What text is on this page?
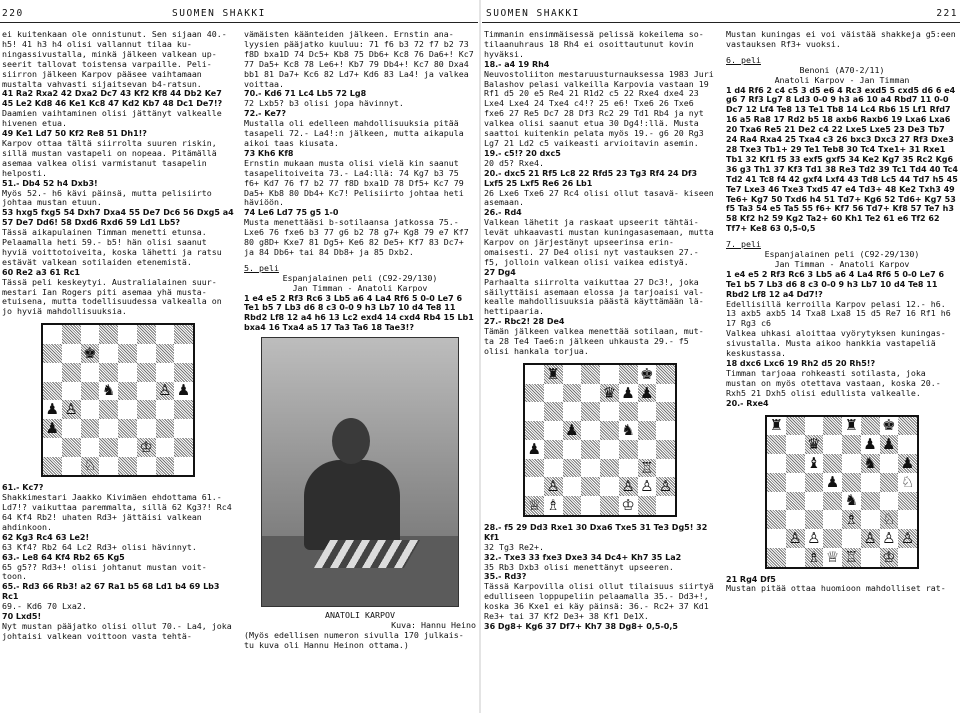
220	SUOMEN SHAKKI

ei kuitenkaan ole onnistunut. Sen sijaan 40.- h5! 41 h3 h4 olisi vallannut tilaa ku- ningassivustalla, minkä jälkeen valkean up- seerit tallovat toistensa varpaille. Peli- siirron jälkeen Karpov pääsee vaihtamaan mustalta vahvasti sijaitsevan b4-ratsun.

41 Ra2 Rxa2 42 Dxa2 Dc7 43 Kf2 Kf8 44 Db2 Ke7 45 Le2 Kd8 46 Ke1 Kc8 47 Kd2 Kb7 48 Dc1 De7!?

Daamien vaihtaminen olisi jättänyt valkealle hivenen etua.

49 Ke1 Ld7 50 Kf2 Re8 51 Dh1!?

Karpov ottaa tältä siirrolta suuren riskin, sillä mustan vastapeli on nopeaa. Pitämällä asemaa valkea olisi varmistanut tasapelin helposti.

51.- Db4 52 h4 Dxb3!

Myös 52.- h6 kävi päinsä, mutta pelisiirto johtaa mustan etuun.

53 hxg5 fxg5 54 Dxh7 Dxa4 55 De7 Dc6 56 Dxg5 a4 57 De7 Dd6! 58 Dxd6 Rxd6 59 Ld1 Lb5?

Tässä aikapulainen Timman menetti etunsa. Pelaamalla heti 59.- b5! hän olisi saanut hyviä voittotoiveita, koska lähetti ja ratsu estävät valkean sotilaiden etenemistä.

60 Re2 a3 61 Rc1

Tässä peli keskeytyi. Australialainen suur- mestari Ian Rogers piti asemaa yhä musta- etuisena, mutta todellisuudessa valkealla on jo hyviä mahdollisuuksia.

♚
♞	♙ ♟
♟ ♙
♟
♔
♘

61.- Kc7?

Shakkimestari Jaakko Kivimäen ehdottama 61.- Ld7!? vaikuttaa paremmalta, sillä 62 Kg3?! Rc4 64 Kf4 Rb2! uhaten Rd3+ jättäisi valkean ahdinkoon.

62 Kg3 Rc4 63 Le2!

63 Kf4? Rb2 64 Lc2 Rd3+ olisi hävinnyt.

63.- Le8 64 Kf4 Rb2 65 Kg5

65 g5?? Rd3+! olisi johtanut mustan voit- toon.

65.- Rd3 66 Rb3! a2 67 Ra1 b5 68 Ld1 b4 69 Lb3 Rc1

69.- Kd6 70 Lxa2.

70 Lxd5!

Nyt mustan pääjatko olisi ollut 70.- La4, joka johtaisi valkean voittoon vasta tehtä-

vämäisten käänteiden jälkeen. Ernstin ana- lyysien pääjatko kuuluu: 71 f6 b3 72 f7 b2 73 f8D bxa1D 74 Dc5+ Kb8 75 Db6+ Kc8 76 Da6+! Kc7 77 Da5+ Kc8 78 Le6+! Kb7 79 Db4+! Kc7 80 Dxa4 bb1 81 Da7+ Kc6 82 Ld7+ Kd6 83 La4! ja valkea voittaa.

70.- Kd6 71 Lc4 Lb5 72 Lg8

72 Lxb5? b3 olisi jopa hävinnyt.

72.- Ke7?

Mustalla oli edelleen mahdollisuuksia pitää tasapeli 72.- La4!:n jälkeen, mutta aikapula aikoi taas kiusata.

73 Kh6 Kf8

Ernstin mukaan musta olisi vielä kin saanut tasapelitoiveita 73.- La4:llä: 74 Kg7 b3 75 f6+ Kd7 76 f7 b2 77 f8D bxa1D 78 Df5+ Kc7 79 Da5+ Kb8 80 Db4+ Kc7! Pelisiirto johtaa heti häviöön.

74 Le6 Ld7 75 g5 1-0

Musta menettääsi b-sotilaansa jatkossa 75.- Lxe6 76 fxe6 b3 77 g6 b2 78 g7+ Kg8 79 e7 Kf7 80 g8D+ Kxe7 81 Dg5+ Ke6 82 De5+ Kf7 83 Dc7+ ja 84 Db6+ tai 84 Db8+ ja 85 Dxb2.

5. peli

Espanjalainen peli (C92-29/130)

Jan Timman - Anatoli Karpov

1 e4 e5 2 Rf3 Rc6 3 Lb5 a6 4 La4 Rf6 5 0-0 Le7 6 Te1 b5 7 Lb3 d6 8 c3 0-0 9 h3 Lb7 10 d4 Te8 11 Rbd2 Lf8 12 a4 h6 13 Lc2 exd4 14 cxd4 Rb4 15 Lb1 bxa4 16 Txa4 a5 17 Ta3 Ta6 18 Tae3!?

ANATOLI KARPOV

Kuva: Hannu Heino

(Myös edellisen numeron sivulla 170 julkais-

tu kuva oli Hannu Heinon ottama.)

SUOMEN SHAKKI	221

Timmanin ensimmäisessä pelissä kokeilema so- tilaanuhraus 18 Rh4 ei osoittautunut kovin hyväksi.

18.- a4 19 Rh4

Neuvostoliiton mestaruusturnauksessa 1983 Juri Balashov pelasi valkeilla Karpovia vastaan 19 Rf1 d5 20 e5 Re4 21 R1d2 c5 22 Rxe4 dxe4 23 Lxe4 Lxe4 24 Txe4 c4!? 25 e6! Txe6 26 Txe6 fxe6 27 Re5 Dc7 28 Df3 Rc2 29 Td1 Rb4 ja nyt valkea olisi saanut etua 30 Dg4!:llä. Musta saattoi kuitenkin pelata myös 19.- g6 20 Rg3 Lg7 21 Ld2 c5 vaikeasti arvioitavin asemin.

19.- c5!? 20 dxc5

20 d5? Rxe4.

20.- dxc5 21 Rf5 Lc8 22 Rfd5 23 Tg3 Rf4 24 Df3 Lxf5 25 Lxf5 Re6 26 Lb1

26 Lxe6 Txe6 27 Rc4 olisi ollut tasavä- kiseen asemaan.

26.- Rd4

Valkean lähetit ja raskaat upseerit tähtäi- levät uhkaavasti mustan kuningasasemaan, mutta Karpov on järjestänyt upseerinsa erin- omaisesti. 27 De4 olisi nyt vastauksen 27.- f5, jolloin valkean olisi vaikea edistyä.

27 Dg4

Parhaalta siirrolta vaikuttaa 27 Dc3!, joka säilyttäisi asemaan elossa ja tarjoaisi val- kealle mahdollisuuksia päästä käyttämään lä- hettipaaria.

27.- Rbc2! 28 De4

Tämän jälkeen valkea menettää sotilaan, mut- ta 28 Te4 Tae6:n jälkeen uhkausta 29.- f5 olisi hankala torjua.

♜	♚
♛ ♟ ♟
♟	♞
♟
♖
♙	♙ ♙ ♙
♕ ♗	♔

28.- f5 29 Dd3 Rxe1 30 Dxa6 Txe5 31 Te3 Dg5! 32 Kf1

32 Tg3 Re2+.

32.- Txe3 33 fxe3 Dxe3 34 Dc4+ Kh7 35 La2

35 Rb3 Dxb3 olisi menettänyt upseeren.

35.- Rd3?

Tässä Karpovilla olisi ollut tilaisuus siirtyä edulliseen loppupeliin pelaamalla 35.- Dd3+!, koska 36 Kxe1 ei käy päinsä: 36.- Rc2+ 37 Kd1 Re3+ tai 37 Kf2 De3+ 38 Kf1 De1X.

36 Dg8+ Kg6 37 Df7+ Kh7 38 Dg8+ 0,5-0,5

Mustan kuningas ei voi väistää shakkeja g5:een vastauksen Rf3+ vuoksi.

6. peli

Benoni (A70-2/11)

Anatoli Karpov - Jan Timman

1 d4 Rf6 2 c4 c5 3 d5 e6 4 Rc3 exd5 5 cxd5 d6 6 e4 g6 7 Rf3 Lg7 8 Ld3 0-0 9 h3 a6 10 a4 Rbd7 11 0-0 Dc7 12 Lf4 Te8 13 Te1 Tb8 14 Lc4 Rb6 15 Lf1 Rfd7 16 a5 Ra8 17 Rd2 b5 18 axb6 Raxb6 19 Lxa6 Lxa6 20 Txa6 Re5 21 De2 c4 22 Lxe5 Lxe5 23 De3 Tb7 24 Ra4 Rxa4 25 Txa4 c3 26 bxc3 Dxc3 27 Rf3 Dxe3 28 Txe3 Tb1+ 29 Te1 Teb8 30 Tc4 Txe1+ 31 Rxe1 Tb1 32 Kf1 f5 33 exf5 gxf5 34 Ke2 Kg7 35 Rc2 Kg6 36 g3 Th1 37 Kf3 Td1 38 Re3 Td2 39 Tc1 Td4 40 Tc4 Td2 41 Tc8 f4 42 gxf4 Lxf4 43 Td8 Lc5 44 Td7 h5 45 Te7 Lxe3 46 Txe3 Txd5 47 e4 Td3+ 48 Ke2 Txh3 49 Te6+ Kg7 50 Txd6 h4 51 Td7+ Kg6 52 Td6+ Kg7 53 f5 Ta3 54 e5 Ta5 55 f6+ Kf7 56 Td7+ Kf8 57 Te7 h3 58 Kf2 h2 59 Kg2 Ta2+ 60 Kh1 Te2 61 e6 Tf2 62 Tf7+ Ke8 63 0,5-0,5

7. peli

Espanjalainen peli (C92-29/130)

Jan Timman - Anatoli Karpov

1 e4 e5 2 Rf3 Rc6 3 Lb5 a6 4 La4 Rf6 5 0-0 Le7 6 Te1 b5 7 Lb3 d6 8 c3 0-0 9 h3 Lb7 10 d4 Te8 11 Rbd2 Lf8 12 a4 Dd7!?

Edellisillä kerroilla Karpov pelasi 12.- h6. 13 axb5 axb5 14 Txa8 Lxa8 15 d5 Re7 16 Rf1 h6 17 Rg3 c6

Valkea uhkasi aloittaa vyörytyksen kuningas- sivustalla. Musta aikoo hankkia vastapeliä keskustassa.

18 dxc6 Lxc6 19 Rh2 d5 20 Rh5!?

Timman tarjoaa rohkeasti sotilasta, joka mustan on myös otettava vastaan, koska 20.- Rxh5 21 Dxh5 olisi edullista valkealle.

20.- Rxe4

♜	♜ ♚
♛	♟ ♟
♝	♞ ♟
♟	♘
♞
♗ ♘
♙ ♙	♙ ♙ ♙
♗ ♕ ♖ ♔

21 Rg4 Df5

Mustan pitää ottaa huomioon mahdolliset rat-
